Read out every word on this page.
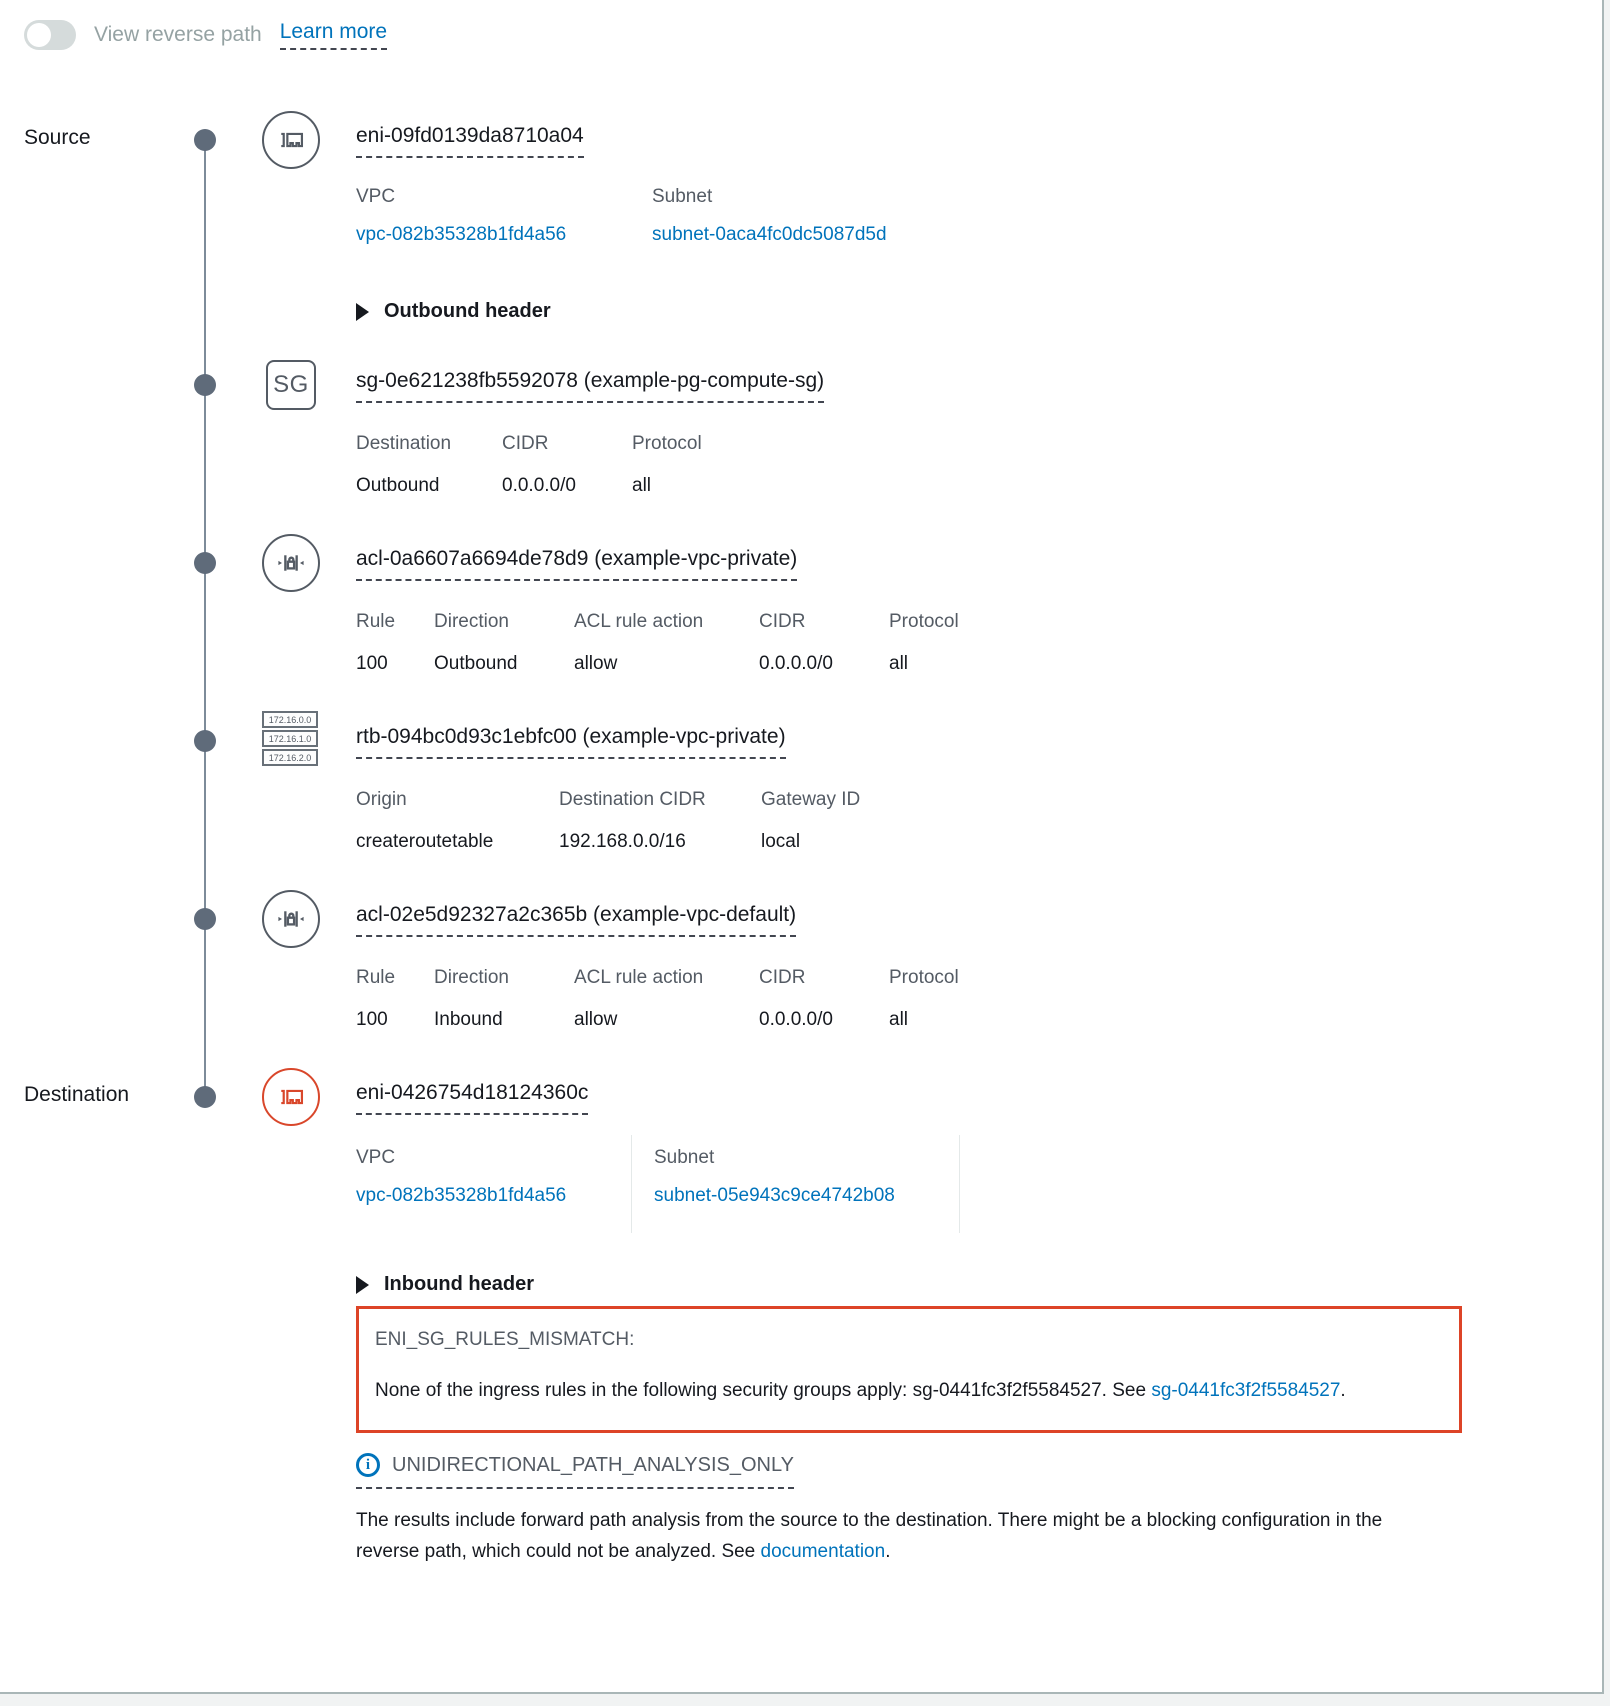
View reverse path Learn more
Source	eni-09fd0139da8710a04
VPC
vpc-082b35328b1fd4a56
Subnet
subnet-0aca4fc0dc5087d5d
Outbound header
SG sg-0e621238fb5592078 (example-pg-compute-sg)
Destination	CIDR	Protocol
Outbound	0.0.0.0/0	all
acl-0a6607a6694de78d9 (example-vpc-private)
Rule	Direction	ACL rule action	CIDR	Protocol
100	Outbound	allow	0.0.0.0/0	all
172.16.0.0
172.16.1.0
172.16.2.0
rtb-094bc0d93c1ebfc00 (example-vpc-private)
Origin	Destination CIDR	Gateway ID
createroutetable	192.168.0.0/16	local
acl-02e5d92327a2c365b (example-vpc-default)
Rule	Direction	ACL rule action	CIDR	Protocol
100	Inbound	allow	0.0.0.0/0	all
Destination	eni-0426754d18124360c
VPC
vpc-082b35328b1fd4a56
Subnet
subnet-05e943c9ce4742b08
Inbound header
ENI_SG_RULES_MISMATCH:
None of the ingress rules in the following security groups apply: sg-0441fc3f2f5584527. See sg-0441fc3f2f5584527.
i	UNIDIRECTIONAL_PATH_ANALYSIS_ONLY
The results include forward path analysis from the source to the destination. There might be a blocking configuration in the reverse path, which could not be analyzed. See documentation.
